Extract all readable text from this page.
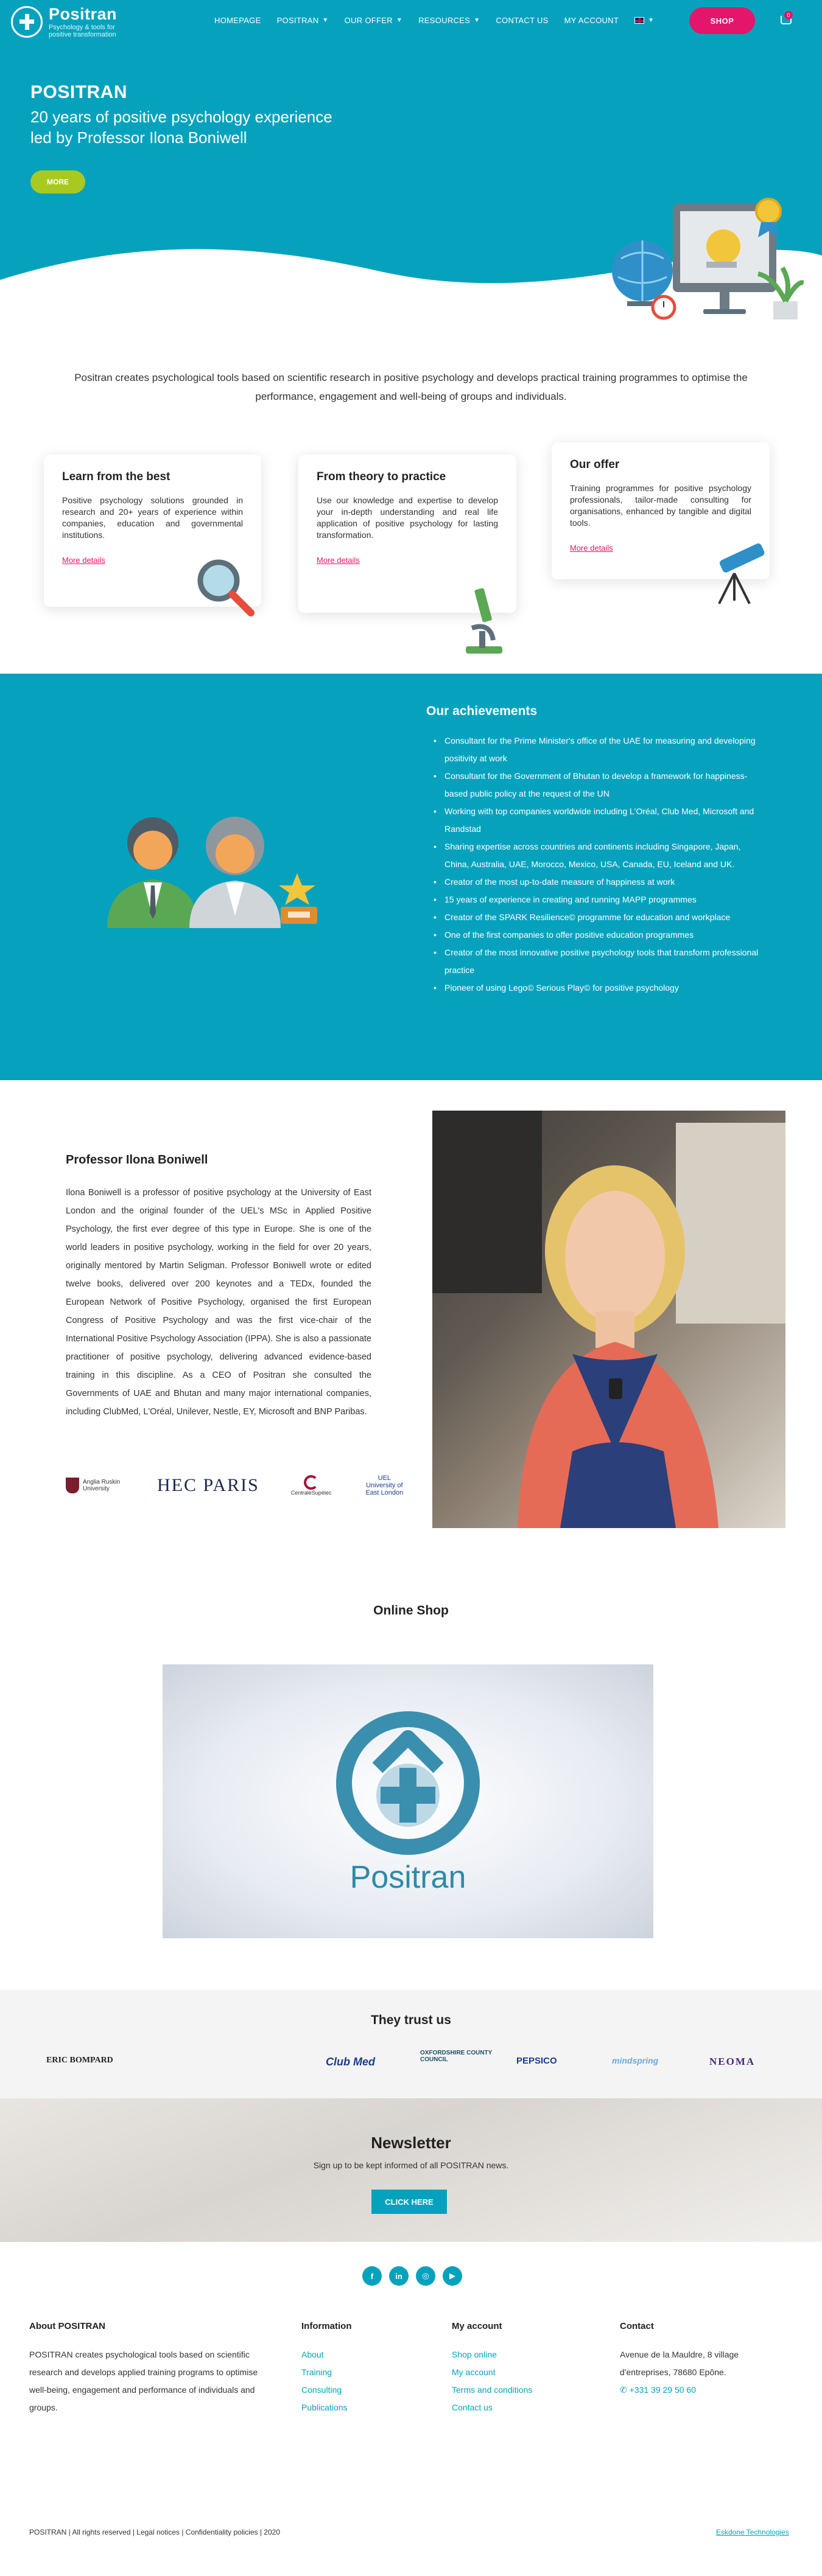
Positran
Psychology & tools for positive transformation
HOMEPAGE POSITRAN ▼ OUR OFFER ▼ RESOURCES ▼ CONTACT US MY ACCOUNT	▼	SHOP
0
POSITRAN
20 years of positive psychology experience led by Professor Ilona Boniwell
MORE

Positran creates psychological tools based on scientific research in positive psychology and develops practical training programmes to optimise the performance, engagement and well-being of groups and individuals.

Learn from the best

Positive psychology solutions grounded in research and 20+ years of experience within companies, education and governmental institutions.

More details
From theory to practice

Use our knowledge and expertise to develop your in-depth understanding and real life application of positive psychology for lasting transformation.

More details
Our offer

Training programmes for positive psychology professionals, tailor-made consulting for organisations, enhanced by tangible and digital tools.

More details
Our achievements
• Consultant for the Prime Minister's office of the UAE for measuring and developing positivity at work
• Consultant for the Government of Bhutan to develop a framework for happiness-based public policy at the request of the UN
• Working with top companies worldwide including L'Oréal, Club Med, Microsoft and Randstad
• Sharing expertise across countries and continents including Singapore, Japan, China, Australia, UAE, Morocco, Mexico, USA, Canada, EU, Iceland and UK.
• Creator of the most up-to-date measure of happiness at work
• 15 years of experience in creating and running MAPP programmes
• Creator of the SPARK Resilience© programme for education and workplace
• One of the first companies to offer positive education programmes
• Creator of the most innovative positive psychology tools that transform professional practice
• Pioneer of using Lego© Serious Play© for positive psychology
Professor Ilona Boniwell

Ilona Boniwell is a professor of positive psychology at the University of East London and the original founder of the UEL's MSc in Applied Positive Psychology, the first ever degree of this type in Europe. She is one of the world leaders in positive psychology, working in the field for over 20 years, originally mentored by Martin Seligman. Professor Boniwell wrote or edited twelve books, delivered over 200 keynotes and a TEDx, founded the European Network of Positive Psychology, organised the first European Congress of Positive Psychology and was the first vice-chair of the International Positive Psychology Association (IPPA). She is also a passionate practitioner of positive psychology, delivering advanced evidence-based training in this discipline. As a CEO of Positran she consulted the Governments of UAE and Bhutan and many major international companies, including ClubMed, L'Oréal, Unilever, Nestle, EY, Microsoft and BNP Paribas.

Anglia Ruskin University	HEC PARIS	CentraleSupélec
UEL University of East London
Online Shop
Positran
They trust us
ERIC BOMPARD	Club Med
OXFORDSHIRE COUNTY COUNCIL	PEPSICO	mindspring	NEOMA
Newsletter

Sign up to be kept informed of all POSITRAN news.

CLICK HERE
f	in	◎	▶
About POSITRAN

POSITRAN creates psychological tools based on scientific research and develops applied training programs to optimise well-being, engagement and performance of individuals and groups.

Information
About
Training
Consulting
Publications
My account
Shop online
My account
Terms and conditions
Contact us
Contact

Avenue de la Mauldre, 8 village d'entreprises, 78680 Epône.

✆ +331 39 29 50 60
POSITRAN | All rights reserved | Legal notices | Confidentiality policies | 2020	Eskdone Technologies
